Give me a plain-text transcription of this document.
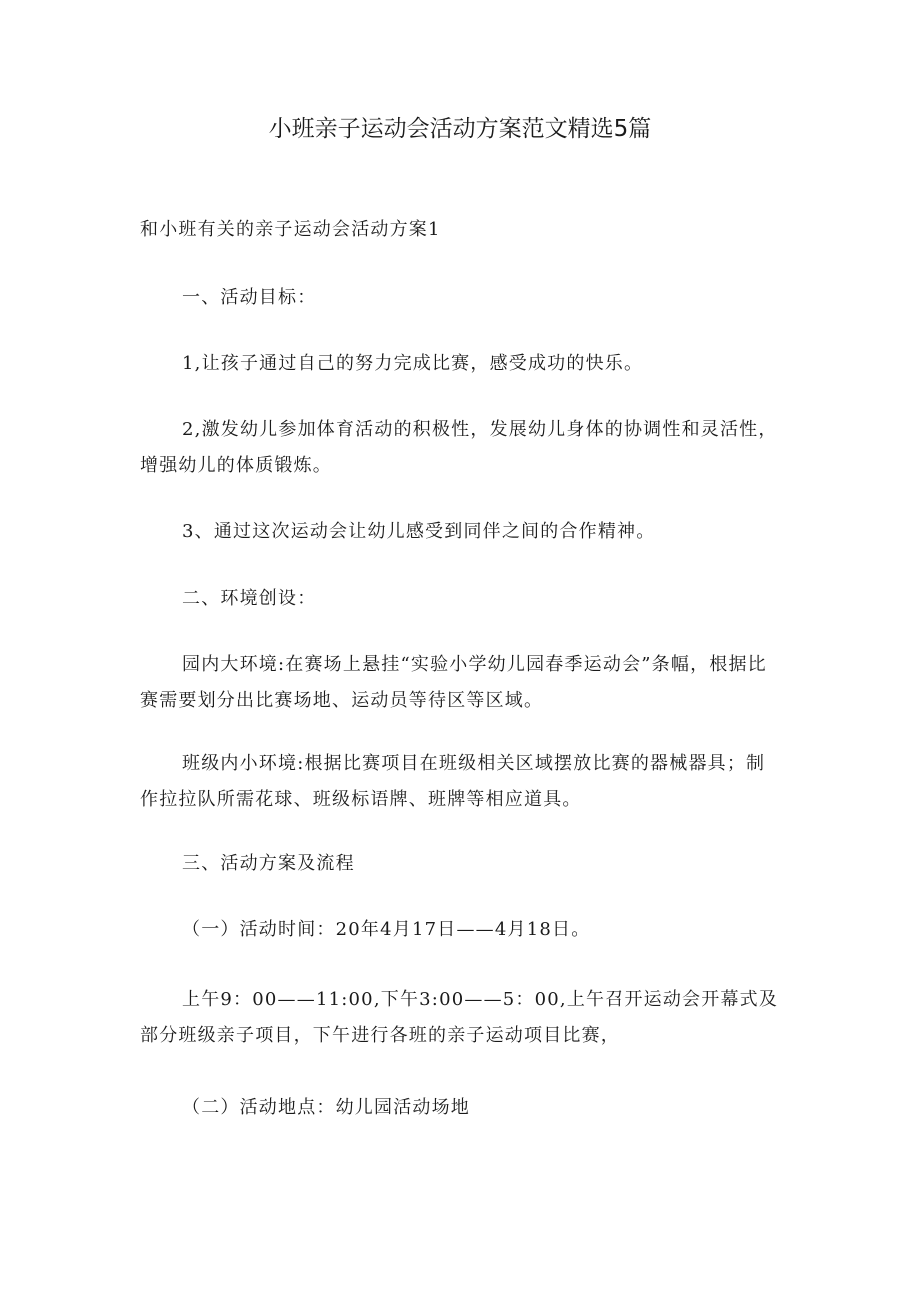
小班亲子运动会活动方案范文精选5篇

和小班有关的亲子运动会活动方案1

一、活动目标：

1,让孩子通过自己的努力完成比赛，感受成功的快乐。

2,激发幼儿参加体育活动的积极性，发展幼儿身体的协调性和灵活性，增强幼儿的体质锻炼。

3、通过这次运动会让幼儿感受到同伴之间的合作精神。

二、环境创设：

园内大环境:在赛场上悬挂“实验小学幼儿园春季运动会”条幅，根据比赛需要划分出比赛场地、运动员等待区等区域。

班级内小环境:根据比赛项目在班级相关区域摆放比赛的器械器具；制作拉拉队所需花球、班级标语牌、班牌等相应道具。

三、活动方案及流程

（一）活动时间：20年4月17日——4月18日。

上午9：00——11:00,下午3:00——5：00,上午召开运动会开幕式及部分班级亲子项目，下午进行各班的亲子运动项目比赛，

（二）活动地点：幼儿园活动场地
